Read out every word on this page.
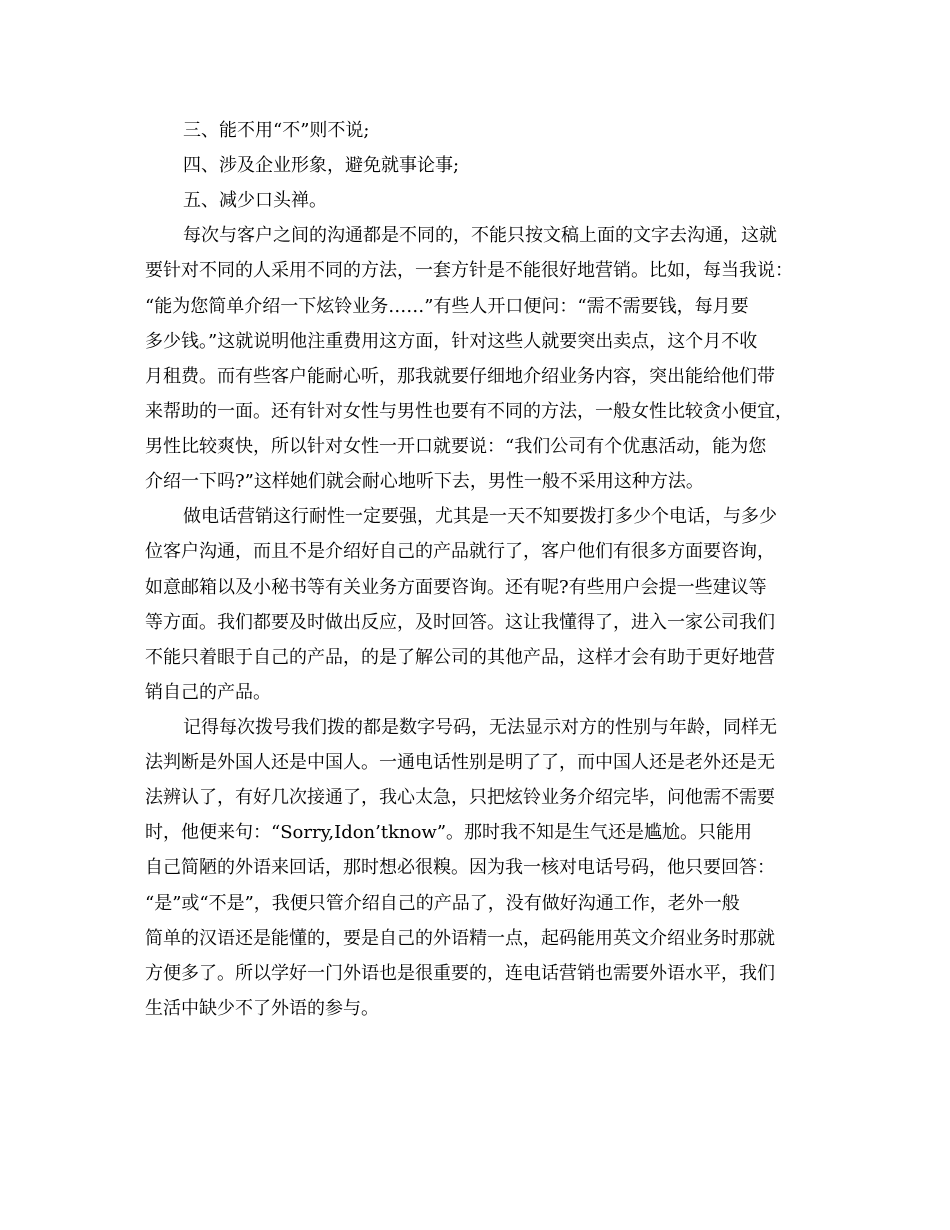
三、能不用“不”则不说;
四、涉及企业形象，避免就事论事;
五、减少口头禅。
每次与客户之间的沟通都是不同的，不能只按文稿上面的文字去沟通，这就
要针对不同的人采用不同的方法，一套方针是不能很好地营销。比如，每当我说：
“能为您简单介绍一下炫铃业务……”有些人开口便问：“需不需要钱，每月要
多少钱。”这就说明他注重费用这方面，针对这些人就要突出卖点，这个月不收
月租费。而有些客户能耐心听，那我就要仔细地介绍业务内容，突出能给他们带
来帮助的一面。还有针对女性与男性也要有不同的方法，一般女性比较贪小便宜，
男性比较爽快，所以针对女性一开口就要说：“我们公司有个优惠活动，能为您
介绍一下吗?”这样她们就会耐心地听下去，男性一般不采用这种方法。
做电话营销这行耐性一定要强，尤其是一天不知要拨打多少个电话，与多少
位客户沟通，而且不是介绍好自己的产品就行了，客户他们有很多方面要咨询，
如意邮箱以及小秘书等有关业务方面要咨询。还有呢?有些用户会提一些建议等
等方面。我们都要及时做出反应，及时回答。这让我懂得了，进入一家公司我们
不能只着眼于自己的产品，的是了解公司的其他产品，这样才会有助于更好地营
销自己的产品。
记得每次拨号我们拨的都是数字号码，无法显示对方的性别与年龄，同样无
法判断是外国人还是中国人。一通电话性别是明了了，而中国人还是老外还是无
法辨认了，有好几次接通了，我心太急，只把炫铃业务介绍完毕，问他需不需要
时，他便来句：“Sorry,Idon’tknow”。那时我不知是生气还是尴尬。只能用
自己简陋的外语来回话，那时想必很糗。因为我一核对电话号码，他只要回答：
“是”或“不是”，我便只管介绍自己的产品了，没有做好沟通工作，老外一般
简单的汉语还是能懂的，要是自己的外语精一点，起码能用英文介绍业务时那就
方便多了。所以学好一门外语也是很重要的，连电话营销也需要外语水平，我们
生活中缺少不了外语的参与。
